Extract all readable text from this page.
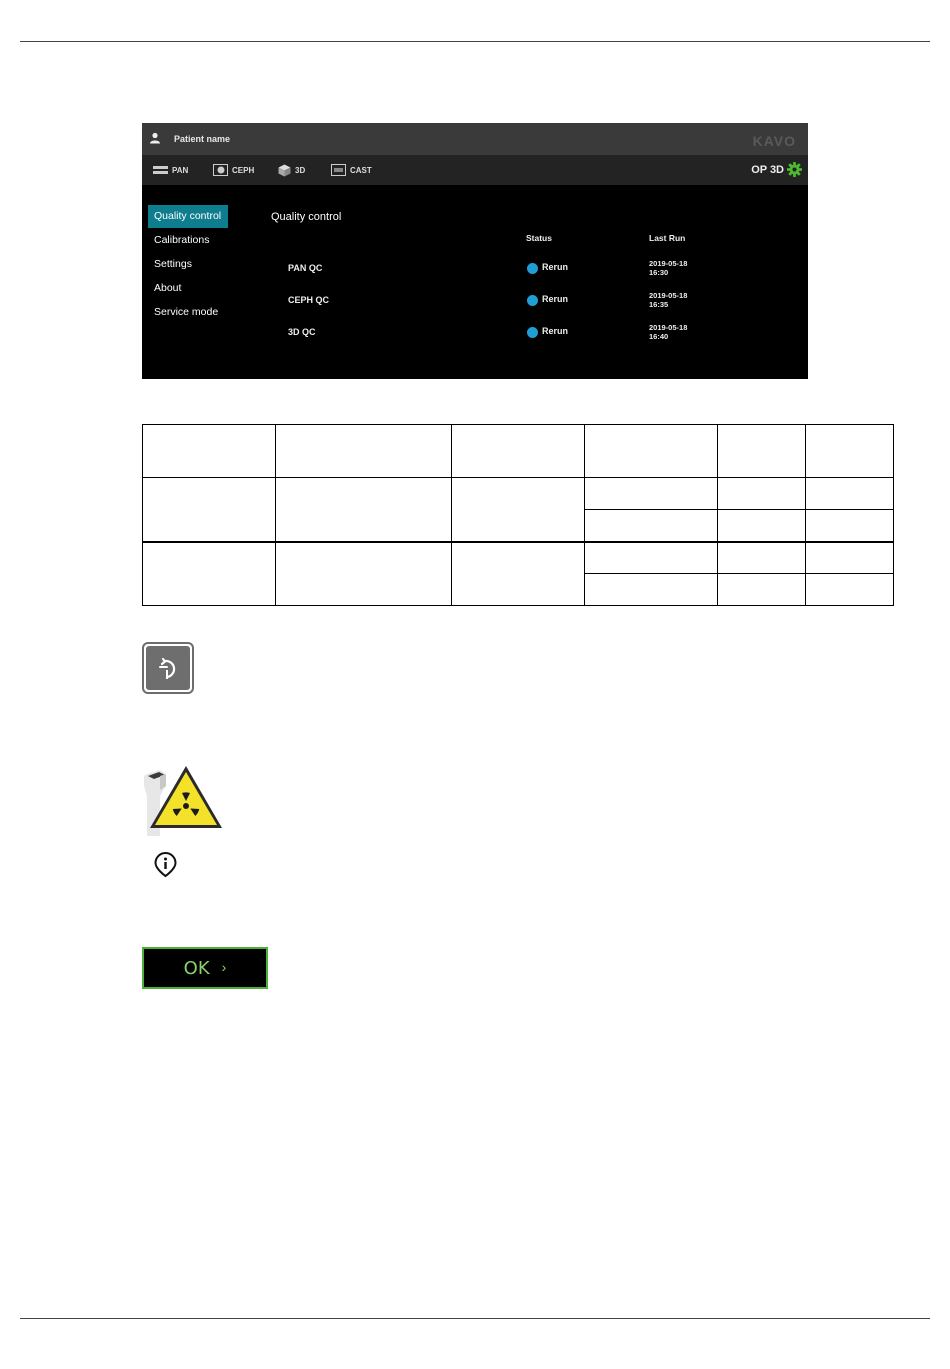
Patient name	KAVO
PAN	CEPH	3D	CAST	OP 3D
Quality control
Calibrations
Settings
About
Service mode
Quality control
Status	Last Run
PAN QC	Rerun	2019-05-18
16:30
CEPH QC	Rerun	2019-05-18
16:35
3D QC	Rerun	2019-05-18
16:40
OK ›
